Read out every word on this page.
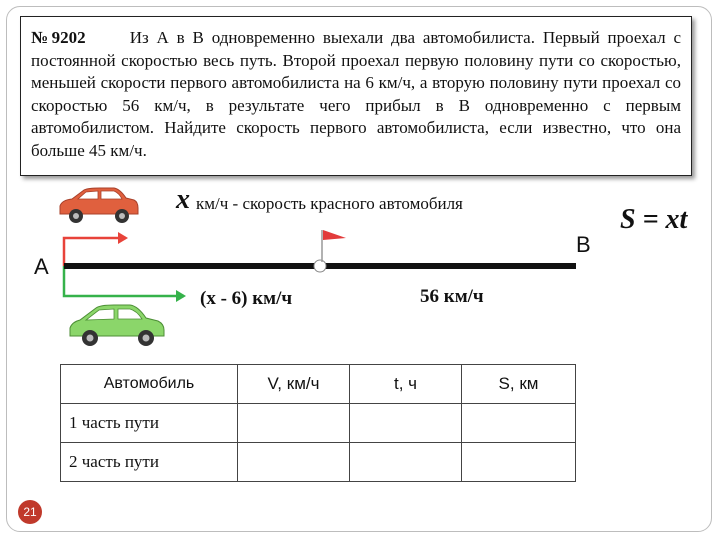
№9202	Из А в В одновременно выехали два автомобилиста. Первый проехал с постоянной скоростью весь путь. Второй проехал первую половину пути со скоростью, меньшей скорости первого автомобилиста на 6 км/ч, а вторую половину пути проехал со скоростью 56 км/ч, в результате чего прибыл в В одновременно с первым автомобилистом. Найдите скорость первого автомобилиста, если известно, что она больше 45 км/ч.
x км/ч - скорость красного автомобиля
S = xt
A
B
(x - 6) км/ч	56 км/ч
Автомобиль	V, км/ч	t, ч	S, км
1 часть пути			
2 часть пути			
21
